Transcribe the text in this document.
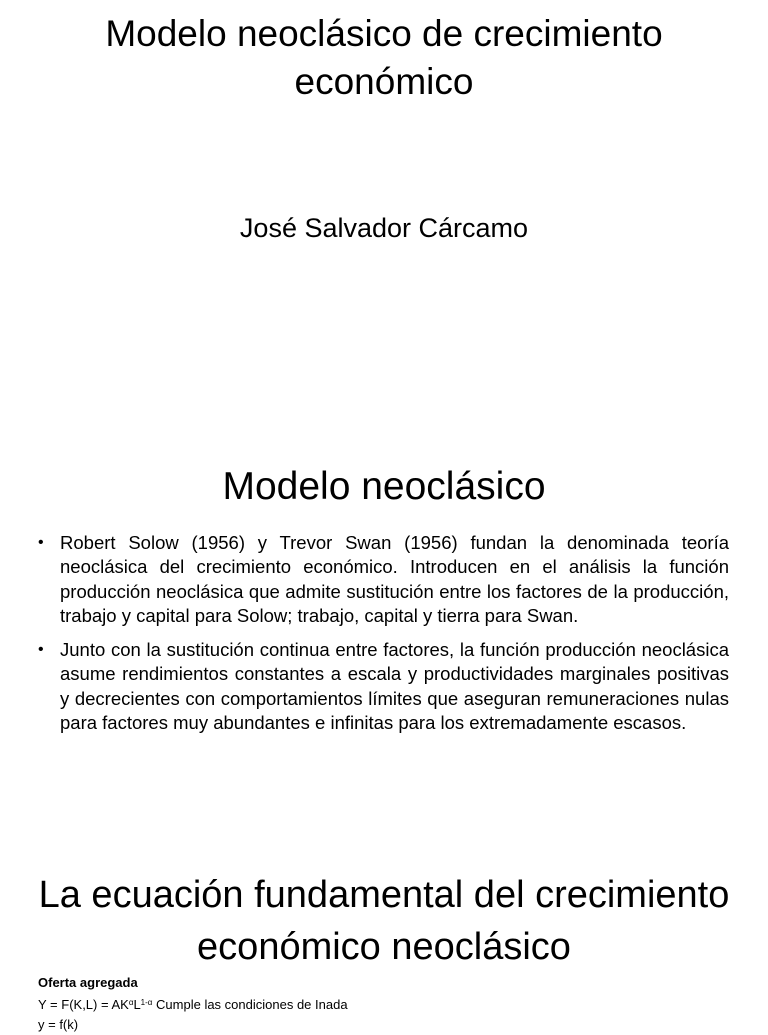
Modelo neoclásico de crecimiento económico

José Salvador Cárcamo

Modelo neoclásico
• Robert Solow (1956) y Trevor Swan (1956) fundan la denominada teoría neoclásica del crecimiento económico. Introducen en el análisis la función producción neoclásica que admite sustitución entre los factores de la producción, trabajo y capital para Solow; trabajo, capital y tierra para Swan.
• Junto con la sustitución continua entre factores, la función producción neoclásica asume rendimientos constantes a escala y productividades marginales positivas y decrecientes con comportamientos límites que aseguran remuneraciones nulas para factores muy abundantes e infinitas para los extremadamente escasos.
La ecuación fundamental del crecimiento económico neoclásico
Oferta agregada
$Y = F(K,L) = AK^\alpha L^{1-\alpha}$ Cumple las condiciones de Inada
y = f(k)
